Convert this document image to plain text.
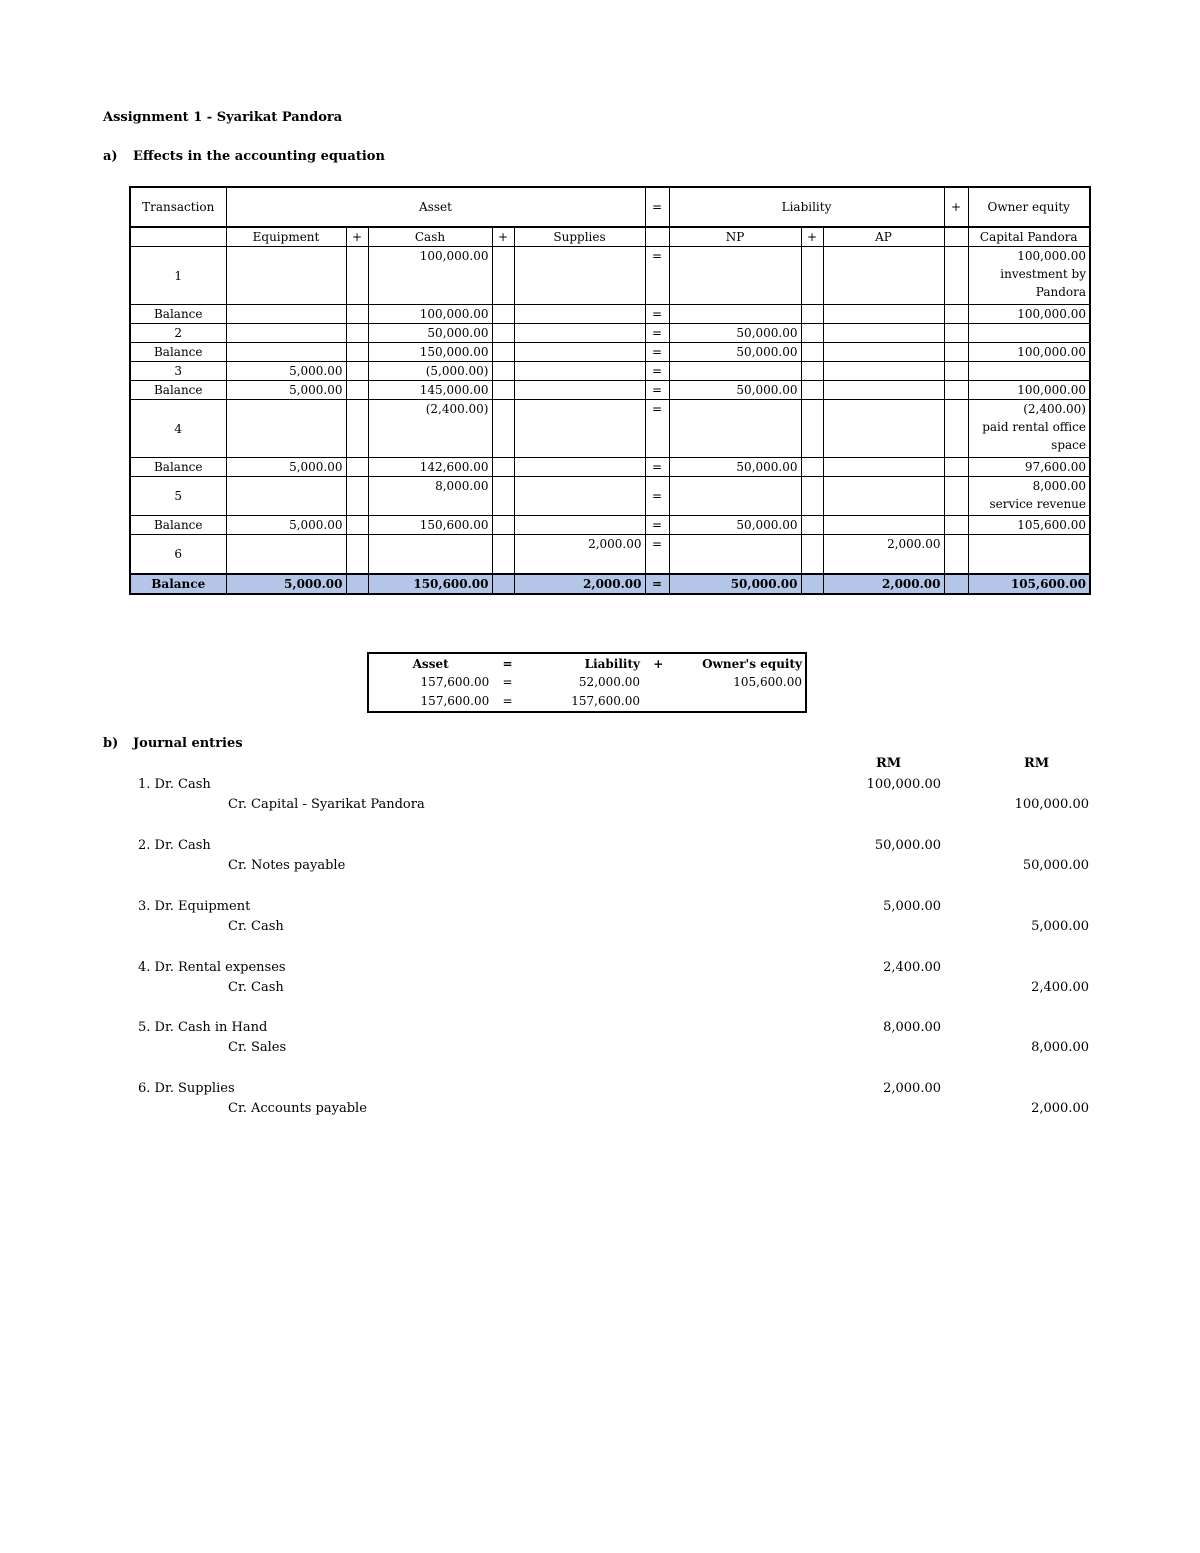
Assignment 1 - Syarikat Pandora
a) Effects in the accounting equation
Transaction	Asset					=	Liability			+	Owner equity
	Equipment	+	Cash	+	Supplies		NP	+	AP		Capital Pandora
1			100,000.00			=					100,000.00
investment by
Pandora

Balance			100,000.00			=					100,000.00
2			50,000.00			=	50,000.00				
Balance			150,000.00			=	50,000.00				100,000.00
3	5,000.00		(5,000.00)			=					
Balance	5,000.00		145,000.00			=	50,000.00				100,000.00
4			(2,400.00)			=					(2,400.00)
paid rental office
space

Balance	5,000.00		142,600.00			=	50,000.00				97,600.00
5			8,000.00			=					8,000.00
service revenue

Balance	5,000.00		150,600.00			=	50,000.00				105,600.00
6					2,000.00	=			2,000.00		
Balance	5,000.00		150,600.00		2,000.00	=	50,000.00		2,000.00		105,600.00
Asset	=	Liability	+	Owner's equity
157,600.00	=	52,000.00		105,600.00
157,600.00	=	157,600.00		
b) Journal entries
RM	RM
1. Dr. Cash	100,000.00
Cr. Capital - Syarikat Pandora	100,000.00
2. Dr. Cash	50,000.00
Cr. Notes payable	50,000.00
3. Dr. Equipment	5,000.00
Cr. Cash	5,000.00
4. Dr. Rental expenses	2,400.00
Cr. Cash	2,400.00
5. Dr. Cash in Hand	8,000.00
Cr. Sales	8,000.00
6. Dr. Supplies	2,000.00
Cr. Accounts payable	2,000.00
